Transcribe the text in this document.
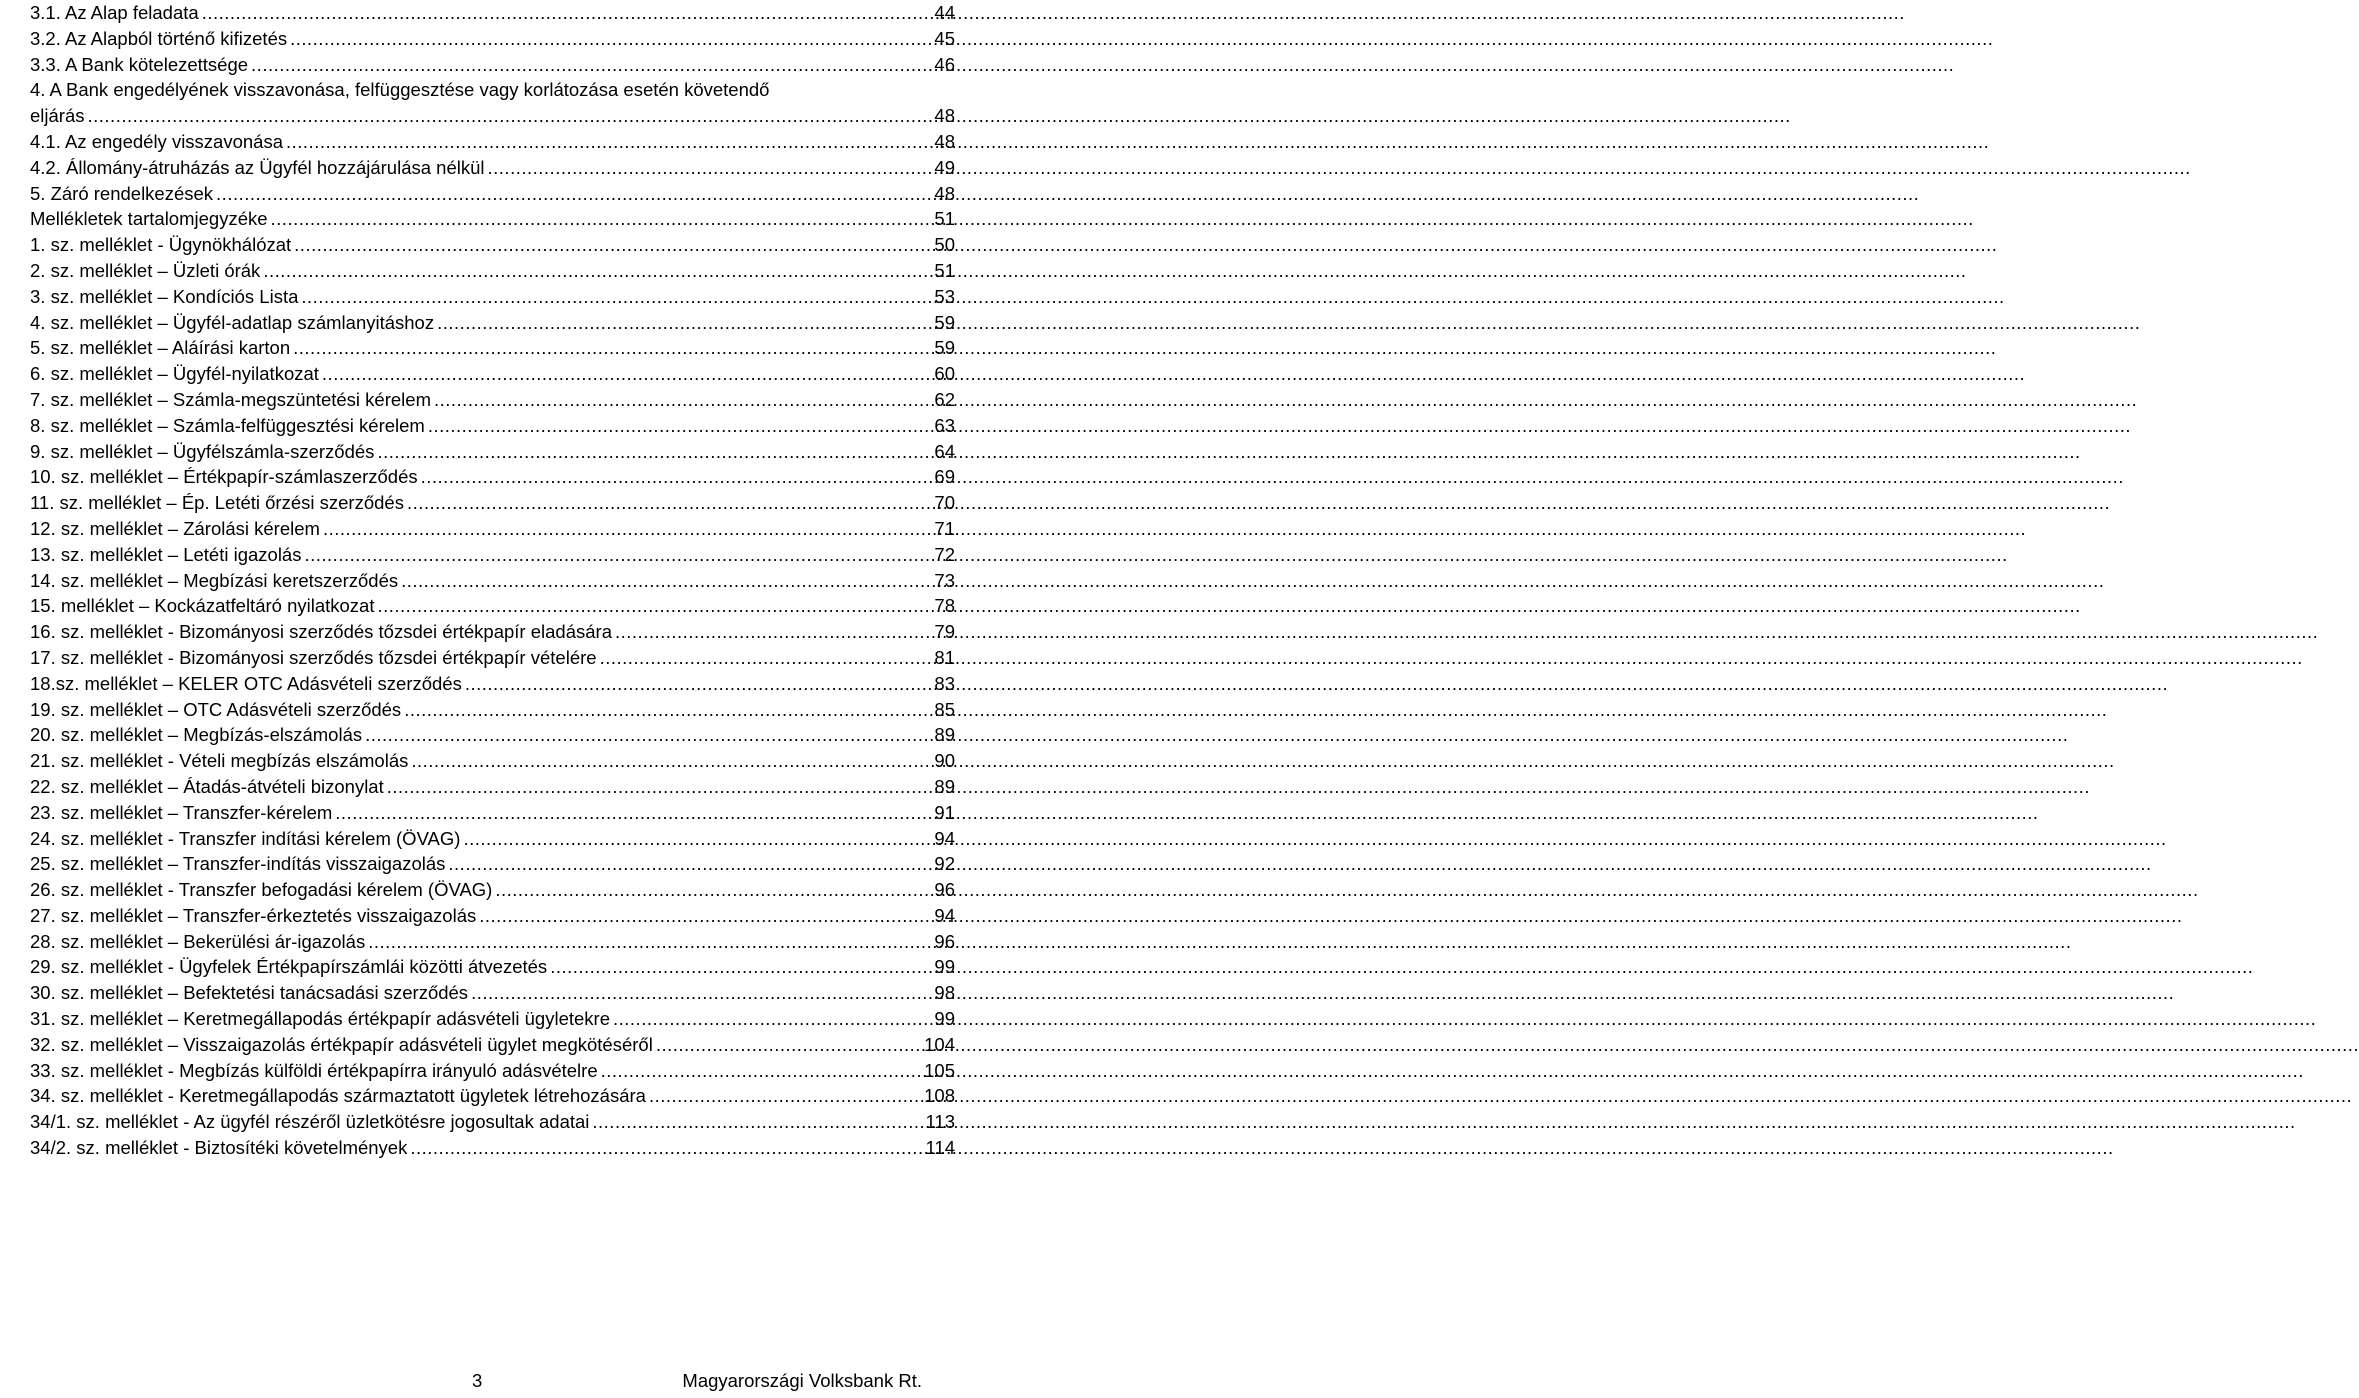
3.1. Az Alap feladata .....	44
3.2. Az Alapból történő kifizetés .....	45
3.3. A Bank kötelezettsége .....	46
4. A Bank engedélyének visszavonása, felfüggesztése vagy korlátozása esetén követendő
eljárás .....	48
4.1. Az engedély visszavonása .....	48
4.2. Állomány-átruházás az Ügyfél hozzájárulása nélkül .....	49
5. Záró rendelkezések .....	48
Mellékletek tartalomjegyzéke .....	51
1. sz. melléklet - Ügynökhálózat .....	50
2. sz. melléklet – Üzleti órák .....	51
3. sz. melléklet – Kondíciós Lista .....	53
4. sz. melléklet – Ügyfél-adatlap számlanyitáshoz .....	59
5. sz. melléklet – Aláírási karton .....	59
6. sz. melléklet – Ügyfél-nyilatkozat .....	60
7. sz. melléklet – Számla-megszüntetési kérelem .....	62
8. sz. melléklet – Számla-felfüggesztési kérelem .....	63
9. sz. melléklet – Ügyfélszámla-szerződés .....	64
10. sz. melléklet – Értékpapír-számlaszerződés .....	69
11. sz. melléklet – Ép. Letéti őrzési szerződés .....	70
12. sz. melléklet – Zárolási kérelem .....	71
13. sz. melléklet – Letéti igazolás .....	72
14. sz. melléklet – Megbízási keretszerződés .....	73
15. melléklet – Kockázatfeltáró nyilatkozat .....	78
16. sz. melléklet - Bizományosi szerződés tőzsdei értékpapír eladására .....	79
17. sz. melléklet - Bizományosi szerződés tőzsdei értékpapír vételére .....	81
18.sz. melléklet – KELER OTC Adásvételi szerződés .....	83
19. sz. melléklet – OTC Adásvételi szerződés .....	85
20. sz. melléklet – Megbízás-elszámolás .....	89
21. sz. melléklet - Vételi megbízás elszámolás .....	90
22. sz. melléklet – Átadás-átvételi bizonylat .....	89
23. sz. melléklet – Transzfer-kérelem .....	91
24. sz. melléklet - Transzfer indítási kérelem (ÖVAG) .....	94
25. sz. melléklet – Transzfer-indítás visszaigazolás .....	92
26. sz. melléklet - Transzfer befogadási kérelem (ÖVAG) .....	96
27. sz. melléklet – Transzfer-érkeztetés visszaigazolás .....	94
28. sz. melléklet – Bekerülési ár-igazolás .....	96
29. sz. melléklet - Ügyfelek Értékpapírszámlái közötti átvezetés .....	99
30. sz. melléklet – Befektetési tanácsadási szerződés .....	98
31. sz. melléklet – Keretmegállapodás értékpapír adásvételi ügyletekre .....	99
32. sz. melléklet – Visszaigazolás értékpapír adásvételi ügylet megkötéséről .....	104
33. sz. melléklet - Megbízás külföldi értékpapírra irányuló adásvételre .....	105
34. sz. melléklet - Keretmegállapodás származtatott ügyletek létrehozására .....	108
34/1. sz. melléklet - Az ügyfél részéről üzletkötésre jogosultak adatai .....	113
34/2. sz. melléklet - Biztosítéki követelmények .....	114
3	Magyarországi Volksbank Rt.
